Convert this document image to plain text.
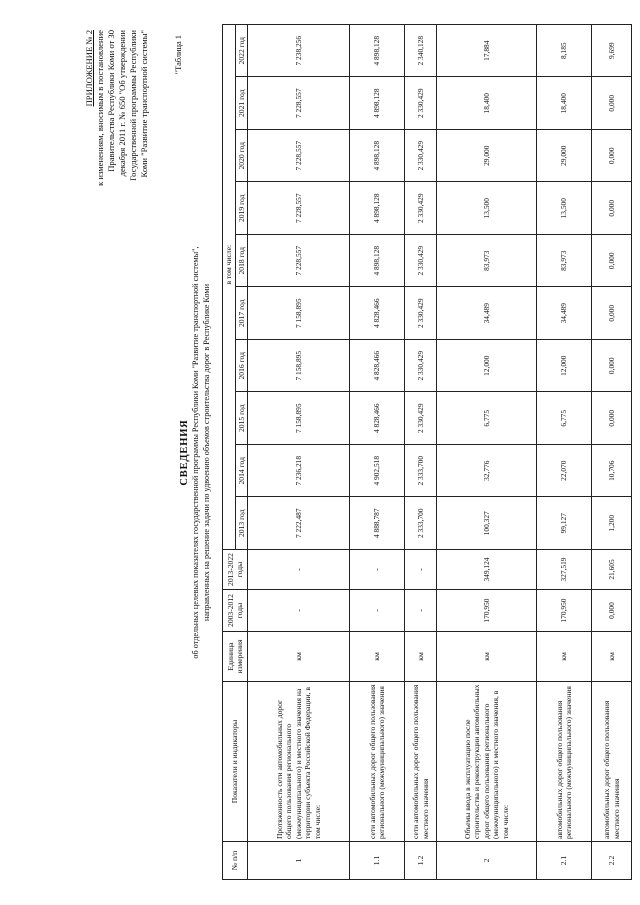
ПРИЛОЖЕНИЕ № 2 к изменениям, вносимым в постановление Правительства Республики Коми от 30 декабря 2011 г. № 650 "Об утверждении Государственной программы Республики Коми "Развитие транспортной системы"	"Таблица 1
СВЕДЕНИЯ об отдельных целевых показателях государственной программы Республики Коми "Развитие транспортной системы", направленных на решение задачи по удвоению объемов строительства дорог в Республике Коми
№ п/п	Показатели и индикаторы	Единица измерения	2003-2012 годы	2013-2022 годы	в том числе:									
					2013 год	2014 год	2015 год	2016 год	2017 год	2018 год	2019 год	2020 год	2021 год	2022 год
1	Протяженность сети автомобильных дорог общего пользования регионального (межмуниципального) и местного значения на территории субъекта Российской Федерации, в том числе:	км	-	-	7 222,487	7 236,218	7 158,895	7 158,895	7 158,895	7 228,557	7 228,557	7 228,557	7 228,557	7 238,256
1.1	сети автомобильных дорог общего пользования регионального (межмуниципального) значения	км	-	-	4 888,787	4 902,518	4 828,466	4 828,466	4 828,466	4 898,128	4 898,128	4 898,128	4 898,128	4 898,128
1.2	сети автомобильных дорог общего пользования местного значения	км	-	-	2 333,700	2 333,700	2 330,429	2 330,429	2 330,429	2 330,429	2 330,429	2 330,429	2 330,429	2 340,128
2	Объемы ввода в эксплуатацию после строительства и реконструкции автомобильных дорог общего пользования регионального (межмуниципального) и местного значения, в том числе:	км	170,950	349,124	100,327	32,776	6,775	12,000	34,489	83,973	13,500	29,000	18,400	17,884
2.1	автомобильных дорог общего пользования регионального (межмуниципального) значения	км	170,950	327,519	99,127	22,070	6,775	12,000	34,489	83,973	13,500	29,000	18,400	8,185
2.2	автомобильных дорог общего пользования местного значения	км	0,000	21,605	1,200	10,706	0,000	0,000	0,000	0,000	0,000	0,000	0,000	9,699
